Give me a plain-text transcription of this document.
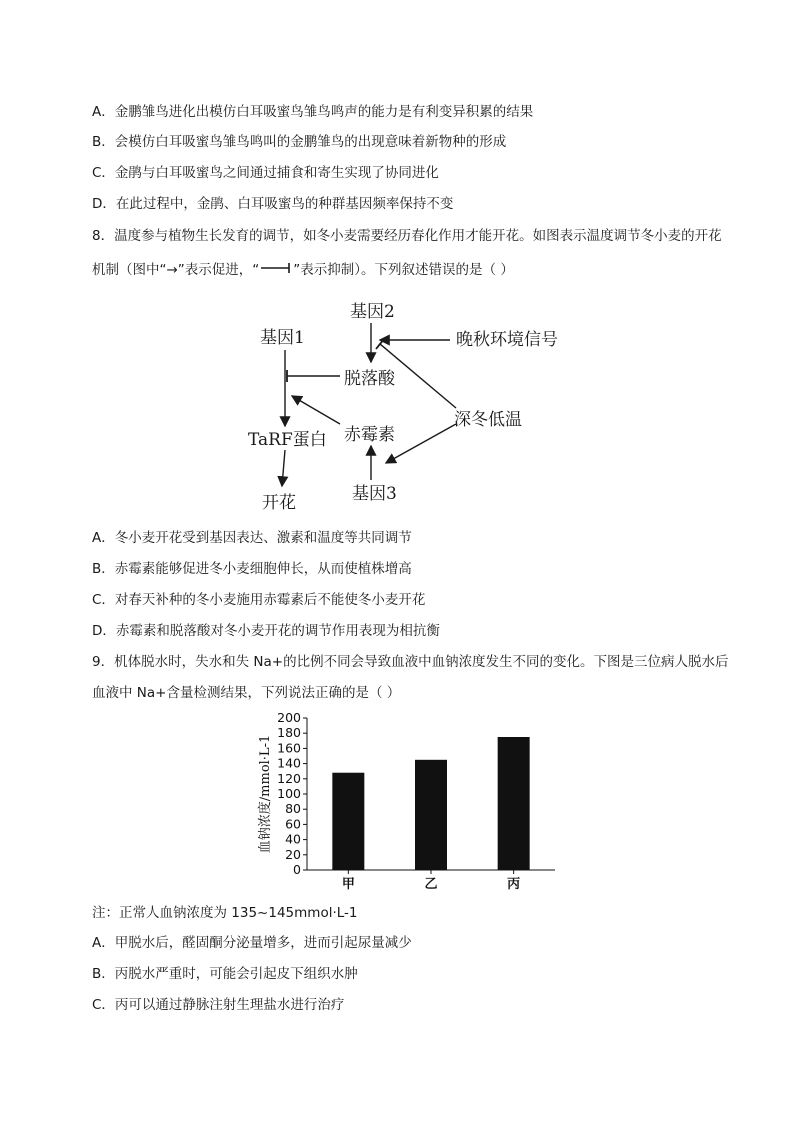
A．金鹏雏鸟进化出模仿白耳吸蜜鸟雏鸟鸣声的能力是有利变异积累的结果
B．会模仿白耳吸蜜鸟雏鸟鸣叫的金鹏雏鸟的出现意味着新物种的形成
C．金鹃与白耳吸蜜鸟之间通过捕食和寄生实现了协同进化
D．在此过程中，金鹃、白耳吸蜜鸟的种群基因频率保持不变
8．温度参与植物生长发育的调节，如冬小麦需要经历春化作用才能开花。如图表示温度调节冬小麦的开花
机制（图中“→”表示促进，“	”表示抑制）。下列叙述错误的是（ ）
基因2
基因1	晚秋环境信号
脱落酸
深冬低温
赤霉素
TaRF蛋白
基因3
开花
A．冬小麦开花受到基因表达、激素和温度等共同调节
B．赤霉素能够促进冬小麦细胞伸长，从而使植株增高
C．对春天补种的冬小麦施用赤霉素后不能使冬小麦开花
D．赤霉素和脱落酸对冬小麦开花的调节作用表现为相抗衡
9．机体脱水时，失水和失 Na+的比例不同会导致血液中血钠浓度发生不同的变化。下图是三位病人脱水后
血液中 Na+含量检测结果，下列说法正确的是（ ）
0
20
40
60
80
100
120
140
160
180
200
血钠浓度/mmol·L-1
甲	乙	丙
注：正常人血钠浓度为 135~145mmol·L-1
A．甲脱水后，醛固酮分泌量增多，进而引起尿量减少
B．丙脱水严重时，可能会引起皮下组织水肿
C．丙可以通过静脉注射生理盐水进行治疗
